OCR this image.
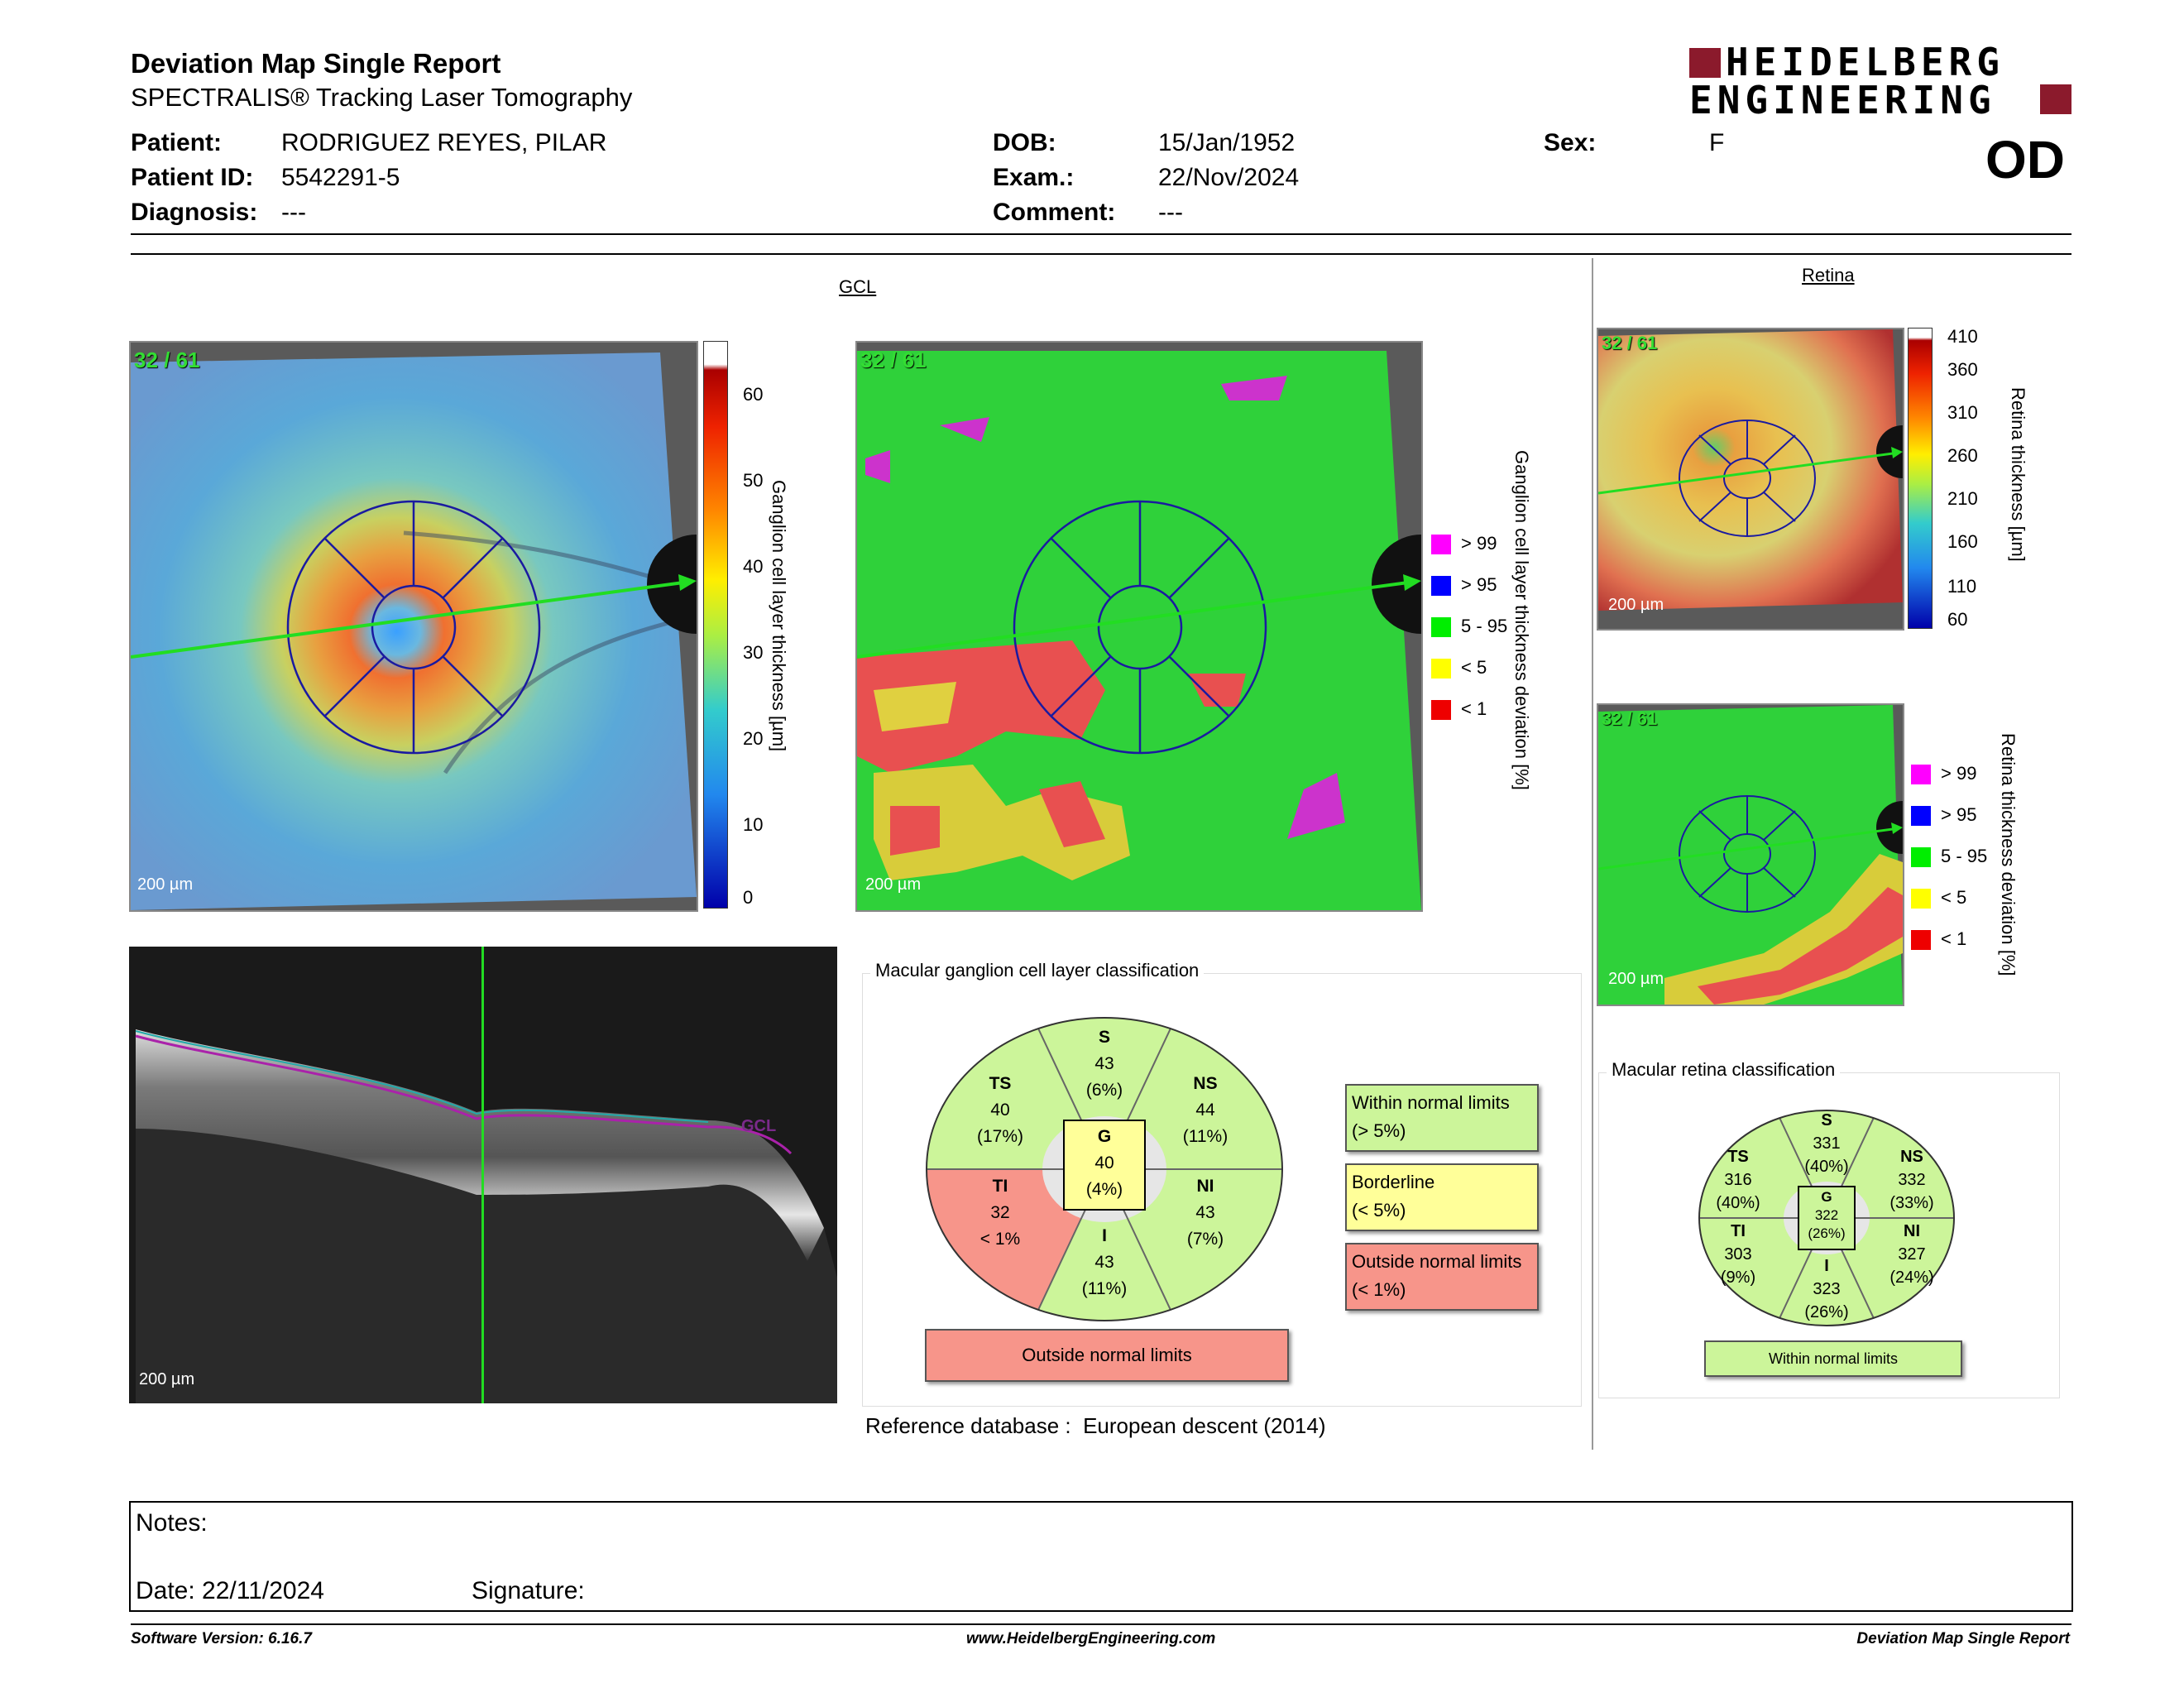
Deviation Map Single Report
SPECTRALIS® Tracking Laser Tomography
HEIDELBERG
ENGINEERING
Patient: RODRIGUEZ REYES, PILAR
Patient ID: 5542291-5
Diagnosis: ---
DOB:	15/Jan/1952
Exam.:	22/Nov/2024
Comment: ---
Sex:	F	OD
GCL
32 / 61
200 µm
60
50
40
30
20
10
0
Ganglion cell layer thickness [µm]
32 / 61
200 µm
Ganglion cell layer thickness deviation [%]
> 99
> 95
5 - 95
< 5
< 1
GCL
200 µm
Macular ganglion cell layer classification
S
43
(6%)
TS
40
(17%)
NS
44
(11%)
G
40
(4%)
TI
32
< 1%
NI
43
(7%)
I
43
(11%)
Outside normal limits
Within normal limits
(> 5%)
Borderline
(< 5%)
Outside normal limits
(< 1%)
Reference database : European descent (2014)
Retina
32 / 61
200 µm
410
360
310
260
210
160
110
60
Retina thickness [µm]
32 / 61
200 µm
Retina thickness deviation [%]
> 99
> 95
5 - 95
< 5
< 1
Macular retina classification
S
331
(40%)
TS
316
(40%)
NS
332
(33%)
G
322
(26%)
TI
303
(9%)
NI
327
(24%)
I
323
(26%)
Within normal limits
Notes:
Date: 22/11/2024	Signature:
Software Version: 6.16.7	www.HeidelbergEngineering.com	Deviation Map Single Report
